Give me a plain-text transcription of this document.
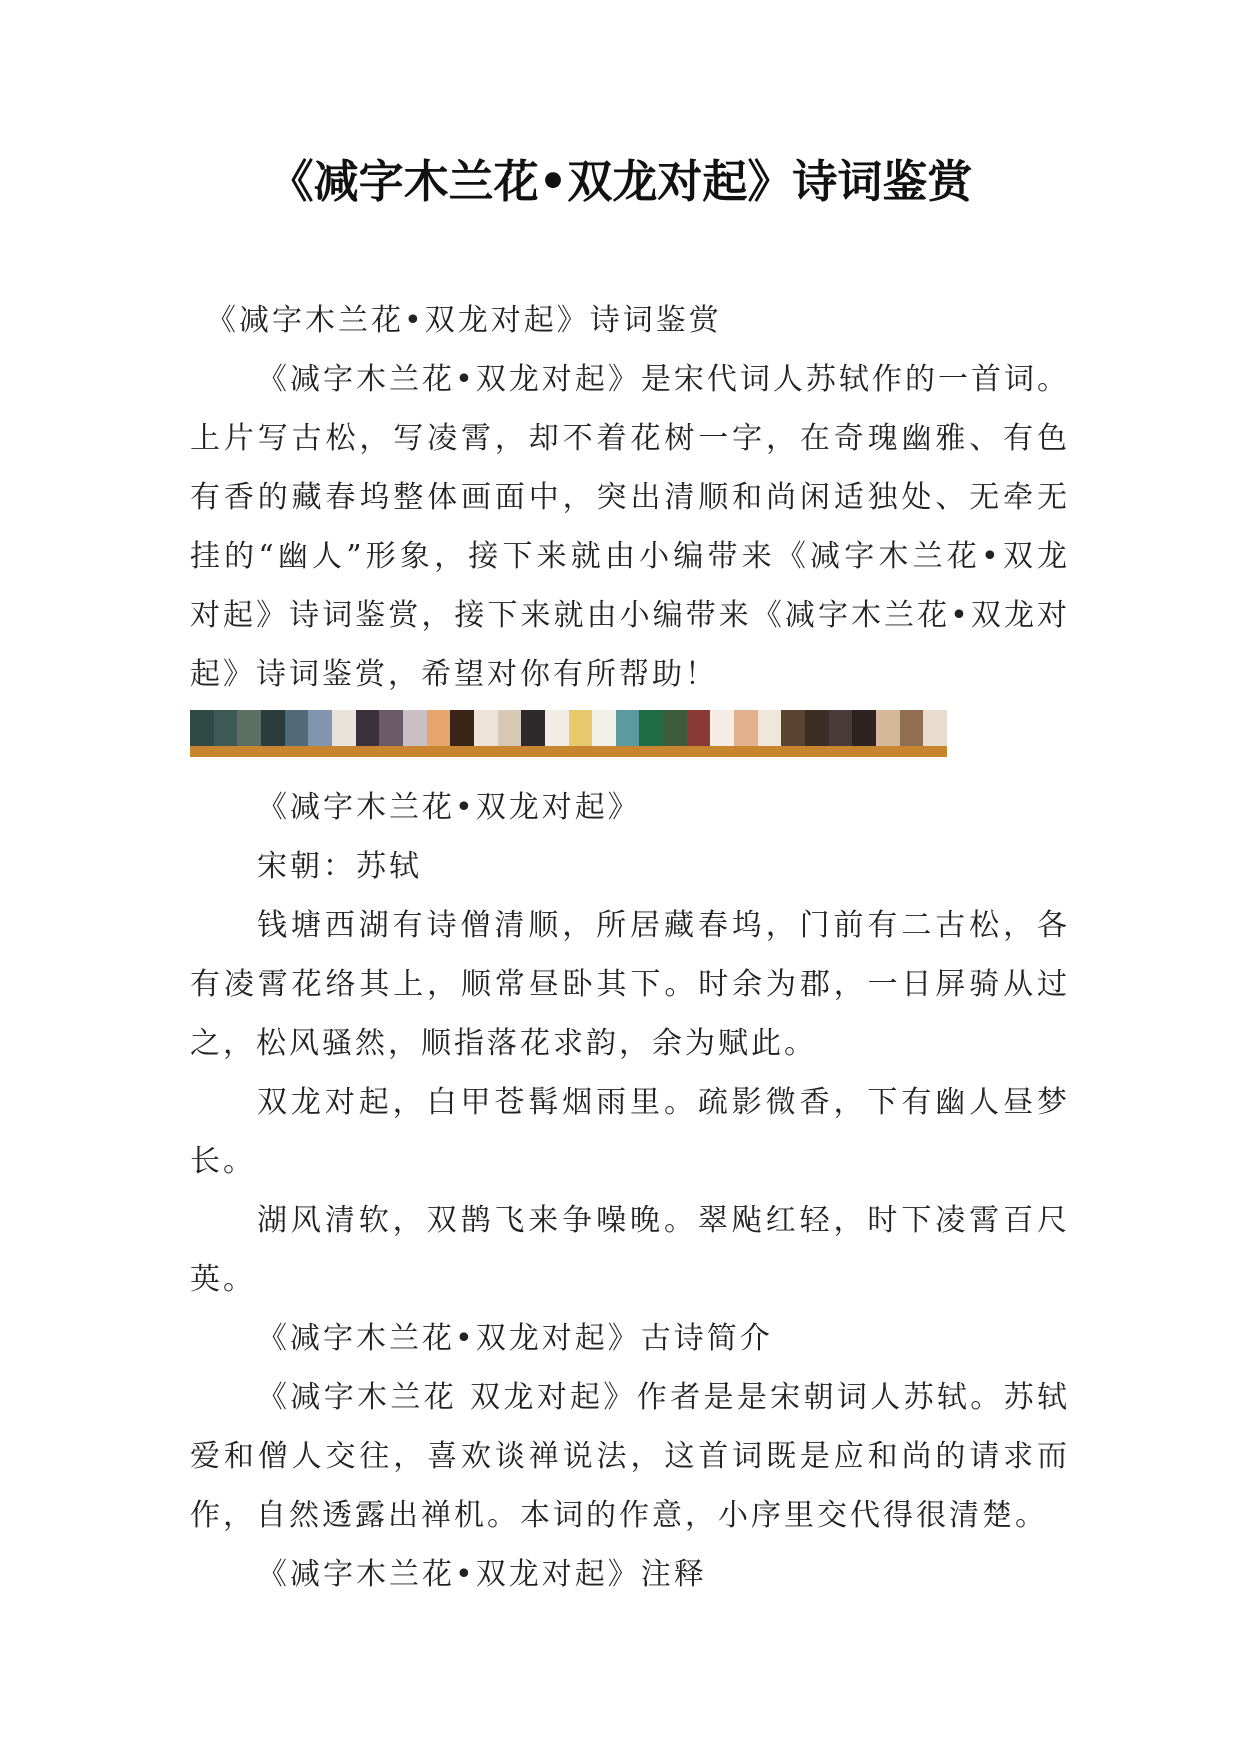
《减字木兰花•双龙对起》诗词鉴赏

《减字木兰花•双龙对起》诗词鉴赏

《减字木兰花•双龙对起》是宋代词人苏轼作的一首词。上片写古松，写凌霄，却不着花树一字，在奇瑰幽雅、有色有香的藏春坞整体画面中，突出清顺和尚闲适独处、无牵无挂的“幽人”形象，接下来就由小编带来《减字木兰花•双龙对起》诗词鉴赏，接下来就由小编带来《减字木兰花•双龙对起》诗词鉴赏，希望对你有所帮助！

《减字木兰花•双龙对起》

宋朝：苏轼

钱塘西湖有诗僧清顺，所居藏春坞，门前有二古松，各有凌霄花络其上，顺常昼卧其下。时余为郡，一日屏骑从过之，松风骚然，顺指落花求韵，余为赋此。

双龙对起，白甲苍髯烟雨里。疏影微香，下有幽人昼梦长。

湖风清软，双鹊飞来争噪晚。翠飐红轻，时下凌霄百尺英。

《减字木兰花•双龙对起》古诗简介

《减字木兰花 双龙对起》作者是是宋朝词人苏轼。苏轼爱和僧人交往，喜欢谈禅说法，这首词既是应和尚的请求而作，自然透露出禅机。本词的作意，小序里交代得很清楚。

《减字木兰花•双龙对起》注释
